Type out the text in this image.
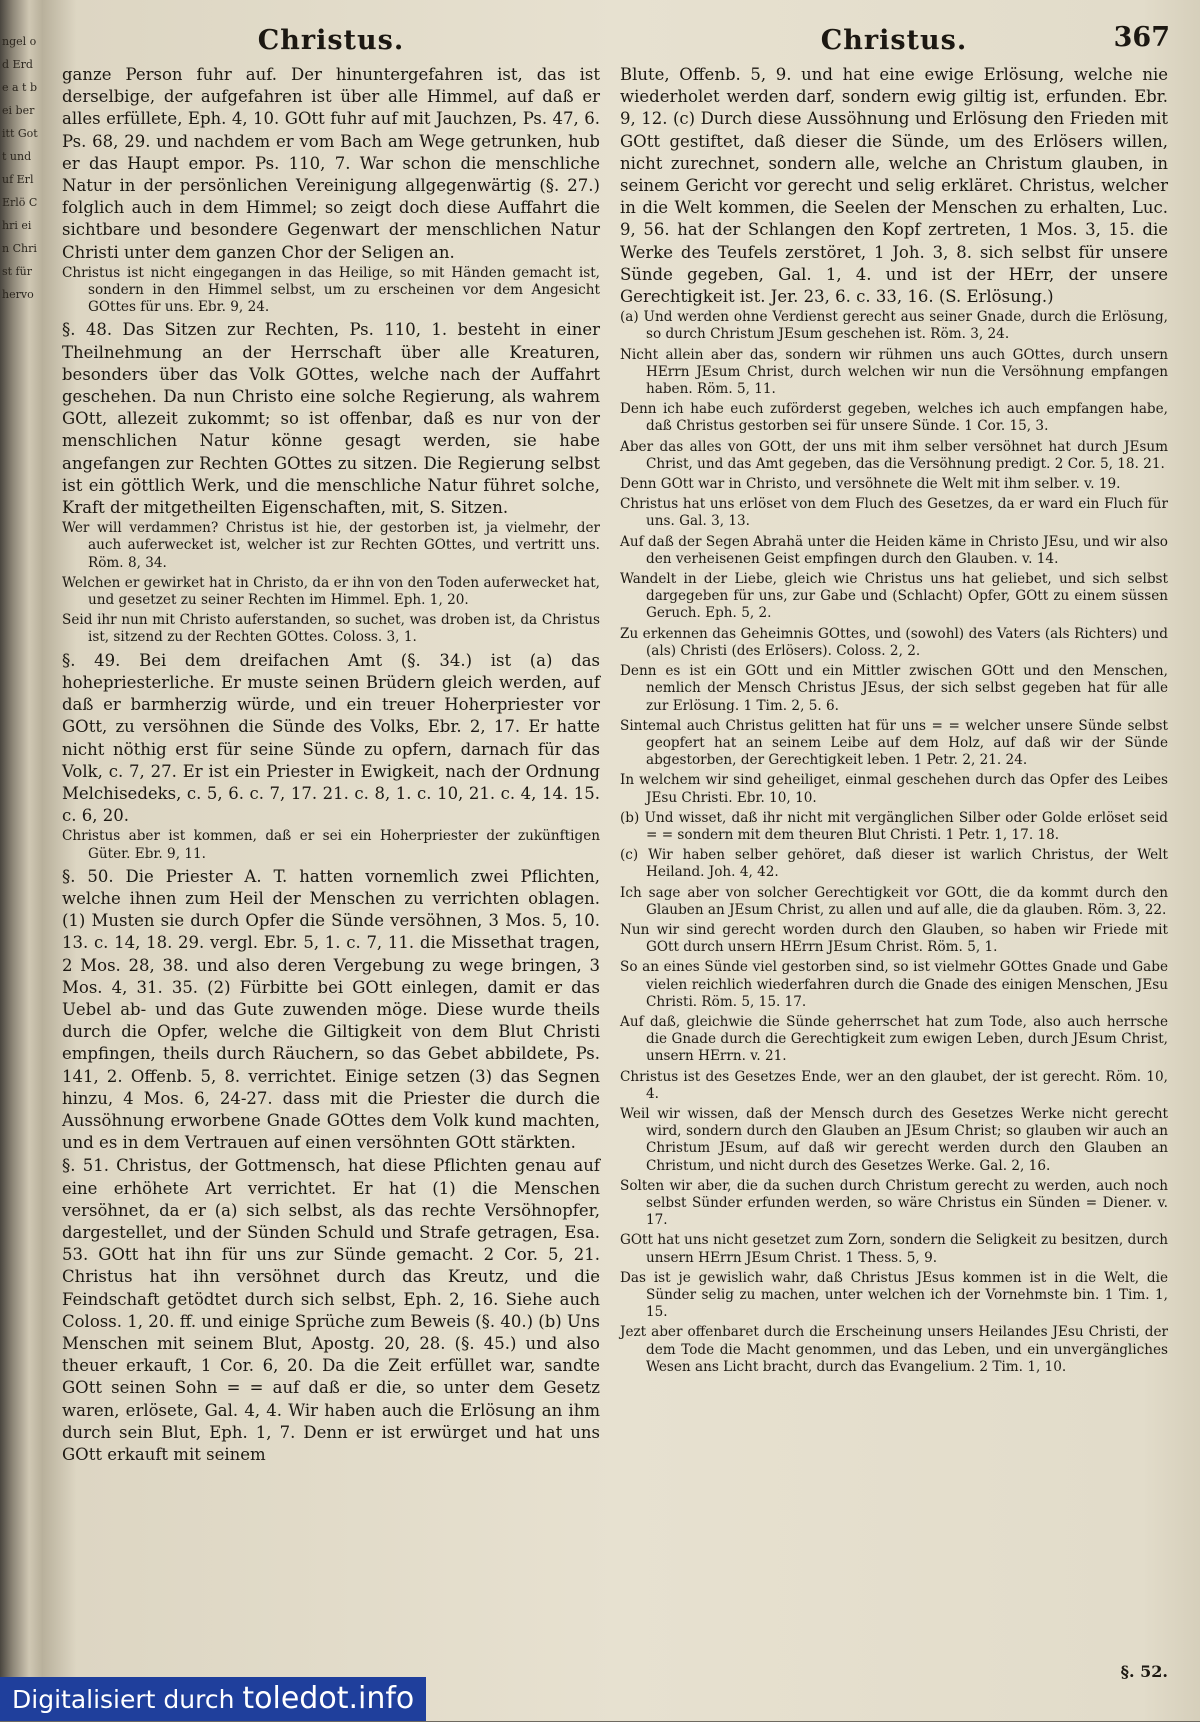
ngel od Erde a t bei ber itt Gott und uf Erl Erlö Chri ein Christ für hervo
367
Christus.
ganze Person fuhr auf. Der hinuntergefahren ist, das ist derselbige, der aufgefahren ist über alle Himmel, auf daß er alles erfüllete, Eph. 4, 10. GOtt fuhr auf mit Jauchzen, Ps. 47, 6. Ps. 68, 29. und nachdem er vom Bach am Wege getrunken, hub er das Haupt empor. Ps. 110, 7. War schon die menschliche Natur in der persönlichen Vereinigung allgegenwärtig (§. 27.) folglich auch in dem Himmel; so zeigt doch diese Auffahrt die sichtbare und besondere Gegenwart der menschlichen Natur Christi unter dem ganzen Chor der Seligen an.
Christus ist nicht eingegangen in das Heilige, so mit Händen gemacht ist, sondern in den Himmel selbst, um zu erscheinen vor dem Angesicht GOttes für uns. Ebr. 9, 24.
§. 48. Das Sitzen zur Rechten, Ps. 110, 1. besteht in einer Theilnehmung an der Herrschaft über alle Kreaturen, besonders über das Volk GOttes, welche nach der Auffahrt geschehen. Da nun Christo eine solche Regierung, als wahrem GOtt, allezeit zukommt; so ist offenbar, daß es nur von der menschlichen Natur könne gesagt werden, sie habe angefangen zur Rechten GOttes zu sitzen. Die Regierung selbst ist ein göttlich Werk, und die menschliche Natur führet solche, Kraft der mitgetheilten Eigenschaften, mit, S. Sitzen.
Wer will verdammen? Christus ist hie, der gestorben ist, ja vielmehr, der auch auferwecket ist, welcher ist zur Rechten GOttes, und vertritt uns. Röm. 8, 34.
Welchen er gewirket hat in Christo, da er ihn von den Toden auferwecket hat, und gesetzet zu seiner Rechten im Himmel. Eph. 1, 20.
Seid ihr nun mit Christo auferstanden, so suchet, was droben ist, da Christus ist, sitzend zu der Rechten GOttes. Coloss. 3, 1.
§. 49. Bei dem dreifachen Amt (§. 34.) ist (a) das hohepriesterliche. Er muste seinen Brüdern gleich werden, auf daß er barmherzig würde, und ein treuer Hoherpriester vor GOtt, zu versöhnen die Sünde des Volks, Ebr. 2, 17. Er hatte nicht nöthig erst für seine Sünde zu opfern, darnach für das Volk, c. 7, 27. Er ist ein Priester in Ewigkeit, nach der Ordnung Melchisedeks, c. 5, 6. c. 7, 17. 21. c. 8, 1. c. 10, 21. c. 4, 14. 15. c. 6, 20.
Christus aber ist kommen, daß er sei ein Hoherpriester der zukünftigen Güter. Ebr. 9, 11.
§. 50. Die Priester A. T. hatten vornemlich zwei Pflichten, welche ihnen zum Heil der Menschen zu verrichten oblagen. (1) Musten sie durch Opfer die Sünde versöhnen, 3 Mos. 5, 10. 13. c. 14, 18. 29. vergl. Ebr. 5, 1. c. 7, 11. die Missethat tragen, 2 Mos. 28, 38. und also deren Vergebung zu wege bringen, 3 Mos. 4, 31. 35. (2) Fürbitte bei GOtt einlegen, damit er das Uebel ab- und das Gute zuwenden möge. Diese wurde theils durch die Opfer, welche die Giltigkeit von dem Blut Christi empfingen, theils durch Räuchern, so das Gebet abbildete, Ps. 141, 2. Offenb. 5, 8. verrichtet. Einige setzen (3) das Segnen hinzu, 4 Mos. 6, 24-27. dass mit die Priester die durch die Aussöhnung erworbene Gnade GOttes dem Volk kund machten, und es in dem Vertrauen auf einen versöhnten GOtt stärkten.
§. 51. Christus, der Gottmensch, hat diese Pflichten genau auf eine erhöhete Art verrichtet. Er hat (1) die Menschen versöhnet, da er (a) sich selbst, als das rechte Versöhnopfer, dargestellet, und der Sünden Schuld und Strafe getragen, Esa. 53. GOtt hat ihn für uns zur Sünde gemacht. 2 Cor. 5, 21. Christus hat ihn versöhnet durch das Kreutz, und die Feindschaft getödtet durch sich selbst, Eph. 2, 16. Siehe auch Coloss. 1, 20. ff. und einige Sprüche zum Beweis (§. 40.) (b) Uns Menschen mit seinem Blut, Apostg. 20, 28. (§. 45.) und also theuer erkauft, 1 Cor. 6, 20. Da die Zeit erfüllet war, sandte GOtt seinen Sohn = = auf daß er die, so unter dem Gesetz waren, erlösete, Gal. 4, 4. Wir haben auch die Erlösung an ihm durch sein Blut, Eph. 1, 7. Denn er ist erwürget und hat uns GOtt erkauft mit seinem
Christus.
Blute, Offenb. 5, 9. und hat eine ewige Erlösung, welche nie wiederholet werden darf, sondern ewig giltig ist, erfunden. Ebr. 9, 12. (c) Durch diese Aussöhnung und Erlösung den Frieden mit GOtt gestiftet, daß dieser die Sünde, um des Erlösers willen, nicht zurechnet, sondern alle, welche an Christum glauben, in seinem Gericht vor gerecht und selig erkläret. Christus, welcher in die Welt kommen, die Seelen der Menschen zu erhalten, Luc. 9, 56. hat der Schlangen den Kopf zertreten, 1 Mos. 3, 15. die Werke des Teufels zerstöret, 1 Joh. 3, 8. sich selbst für unsere Sünde gegeben, Gal. 1, 4. und ist der HErr, der unsere Gerechtigkeit ist. Jer. 23, 6. c. 33, 16. (S. Erlösung.)
(a) Und werden ohne Verdienst gerecht aus seiner Gnade, durch die Erlösung, so durch Christum JEsum geschehen ist. Röm. 3, 24.
Nicht allein aber das, sondern wir rühmen uns auch GOttes, durch unsern HErrn JEsum Christ, durch welchen wir nun die Versöhnung empfangen haben. Röm. 5, 11.
Denn ich habe euch zuförderst gegeben, welches ich auch empfangen habe, daß Christus gestorben sei für unsere Sünde. 1 Cor. 15, 3.
Aber das alles von GOtt, der uns mit ihm selber versöhnet hat durch JEsum Christ, und das Amt gegeben, das die Versöhnung predigt. 2 Cor. 5, 18. 21.
Denn GOtt war in Christo, und versöhnete die Welt mit ihm selber. v. 19.
Christus hat uns erlöset von dem Fluch des Gesetzes, da er ward ein Fluch für uns. Gal. 3, 13.
Auf daß der Segen Abrahä unter die Heiden käme in Christo JEsu, und wir also den verheisenen Geist empfingen durch den Glauben. v. 14.
Wandelt in der Liebe, gleich wie Christus uns hat geliebet, und sich selbst dargegeben für uns, zur Gabe und (Schlacht) Opfer, GOtt zu einem süssen Geruch. Eph. 5, 2.
Zu erkennen das Geheimnis GOttes, und (sowohl) des Vaters (als Richters) und (als) Christi (des Erlösers). Coloss. 2, 2.
Denn es ist ein GOtt und ein Mittler zwischen GOtt und den Menschen, nemlich der Mensch Christus JEsus, der sich selbst gegeben hat für alle zur Erlösung. 1 Tim. 2, 5. 6.
Sintemal auch Christus gelitten hat für uns = = welcher unsere Sünde selbst geopfert hat an seinem Leibe auf dem Holz, auf daß wir der Sünde abgestorben, der Gerechtigkeit leben. 1 Petr. 2, 21. 24.
In welchem wir sind geheiliget, einmal geschehen durch das Opfer des Leibes JEsu Christi. Ebr. 10, 10.
(b) Und wisset, daß ihr nicht mit vergänglichen Silber oder Golde erlöset seid = = sondern mit dem theuren Blut Christi. 1 Petr. 1, 17. 18.
(c) Wir haben selber gehöret, daß dieser ist warlich Christus, der Welt Heiland. Joh. 4, 42.
Ich sage aber von solcher Gerechtigkeit vor GOtt, die da kommt durch den Glauben an JEsum Christ, zu allen und auf alle, die da glauben. Röm. 3, 22.
Nun wir sind gerecht worden durch den Glauben, so haben wir Friede mit GOtt durch unsern HErrn JEsum Christ. Röm. 5, 1.
So an eines Sünde viel gestorben sind, so ist vielmehr GOttes Gnade und Gabe vielen reichlich wiederfahren durch die Gnade des einigen Menschen, JEsu Christi. Röm. 5, 15. 17.
Auf daß, gleichwie die Sünde geherrschet hat zum Tode, also auch herrsche die Gnade durch die Gerechtigkeit zum ewigen Leben, durch JEsum Christ, unsern HErrn. v. 21.
Christus ist des Gesetzes Ende, wer an den glaubet, der ist gerecht. Röm. 10, 4.
Weil wir wissen, daß der Mensch durch des Gesetzes Werke nicht gerecht wird, sondern durch den Glauben an JEsum Christ; so glauben wir auch an Christum JEsum, auf daß wir gerecht werden durch den Glauben an Christum, und nicht durch des Gesetzes Werke. Gal. 2, 16.
Solten wir aber, die da suchen durch Christum gerecht zu werden, auch noch selbst Sünder erfunden werden, so wäre Christus ein Sünden = Diener. v. 17.
GOtt hat uns nicht gesetzet zum Zorn, sondern die Seligkeit zu besitzen, durch unsern HErrn JEsum Christ. 1 Thess. 5, 9.
Das ist je gewislich wahr, daß Christus JEsus kommen ist in die Welt, die Sünder selig zu machen, unter welchen ich der Vornehmste bin. 1 Tim. 1, 15.
Jezt aber offenbaret durch die Erscheinung unsers Heilandes JEsu Christi, der dem Tode die Macht genommen, und das Leben, und ein unvergängliches Wesen ans Licht bracht, durch das Evangelium. 2 Tim. 1, 10.
§. 52.
Digitalisiert durch toledot.info
